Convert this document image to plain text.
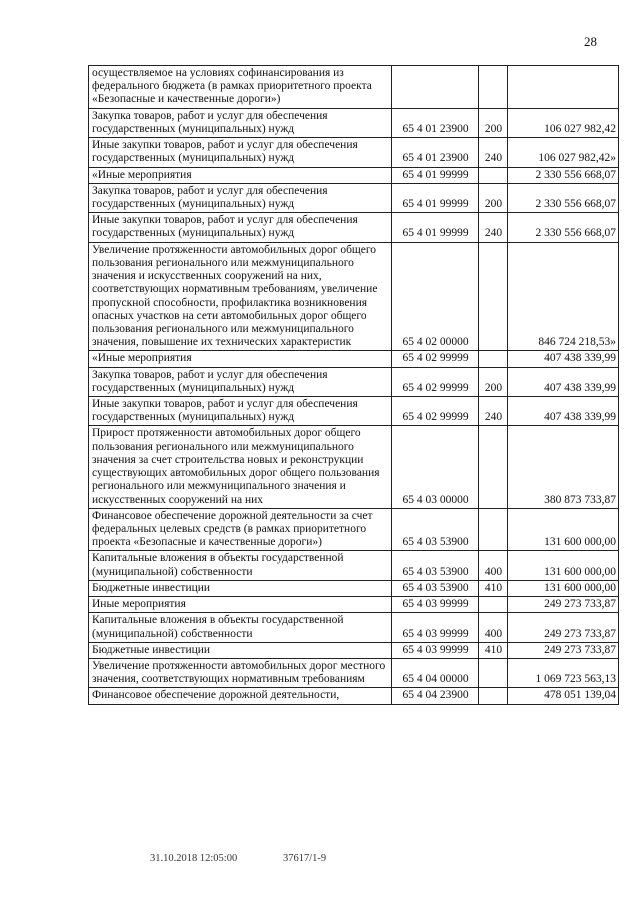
28
осуществляемое на условиях софинансирования из федерального бюджета (в рамках приоритетного проекта «Безопасные и качественные дороги»)			
Закупка товаров, работ и услуг для обеспечения государственных (муниципальных) нужд	65 4 01 23900	200	106 027 982,42
Иные закупки товаров, работ и услуг для обеспечения государственных (муниципальных) нужд	65 4 01 23900	240	106 027 982,42»
«Иные мероприятия	65 4 01 99999		2 330 556 668,07
Закупка товаров, работ и услуг для обеспечения государственных (муниципальных) нужд	65 4 01 99999	200	2 330 556 668,07
Иные закупки товаров, работ и услуг для обеспечения государственных (муниципальных) нужд	65 4 01 99999	240	2 330 556 668,07
Увеличение протяженности автомобильных дорог общего пользования регионального или межмуниципального значения и искусственных сооружений на них, соответствующих нормативным требованиям, увеличение пропускной способности, профилактика возникновения опасных участков на сети автомобильных дорог общего пользования регионального или межмуниципального значения, повышение их технических характеристик	65 4 02 00000		846 724 218,53»
«Иные мероприятия	65 4 02 99999		407 438 339,99
Закупка товаров, работ и услуг для обеспечения государственных (муниципальных) нужд	65 4 02 99999	200	407 438 339,99
Иные закупки товаров, работ и услуг для обеспечения государственных (муниципальных) нужд	65 4 02 99999	240	407 438 339,99
Прирост протяженности автомобильных дорог общего пользования регионального или межмуниципального значения за счет строительства новых и реконструкции существующих автомобильных дорог общего пользования регионального или межмуниципального значения и искусственных сооружений на них	65 4 03 00000		380 873 733,87
Финансовое обеспечение дорожной деятельности за счет федеральных целевых средств (в рамках приоритетного проекта «Безопасные и качественные дороги»)	65 4 03 53900		131 600 000,00
Капитальные вложения в объекты государственной (муниципальной) собственности	65 4 03 53900	400	131 600 000,00
Бюджетные инвестиции	65 4 03 53900	410	131 600 000,00
Иные мероприятия	65 4 03 99999		249 273 733,87
Капитальные вложения в объекты государственной (муниципальной) собственности	65 4 03 99999	400	249 273 733,87
Бюджетные инвестиции	65 4 03 99999	410	249 273 733,87
Увеличение протяженности автомобильных дорог местного значения, соответствующих нормативным требованиям	65 4 04 00000		1 069 723 563,13
Финансовое обеспечение дорожной деятельности,	65 4 04 23900		478 051 139,04
31.10.2018 12:05:00	37617/1-9
